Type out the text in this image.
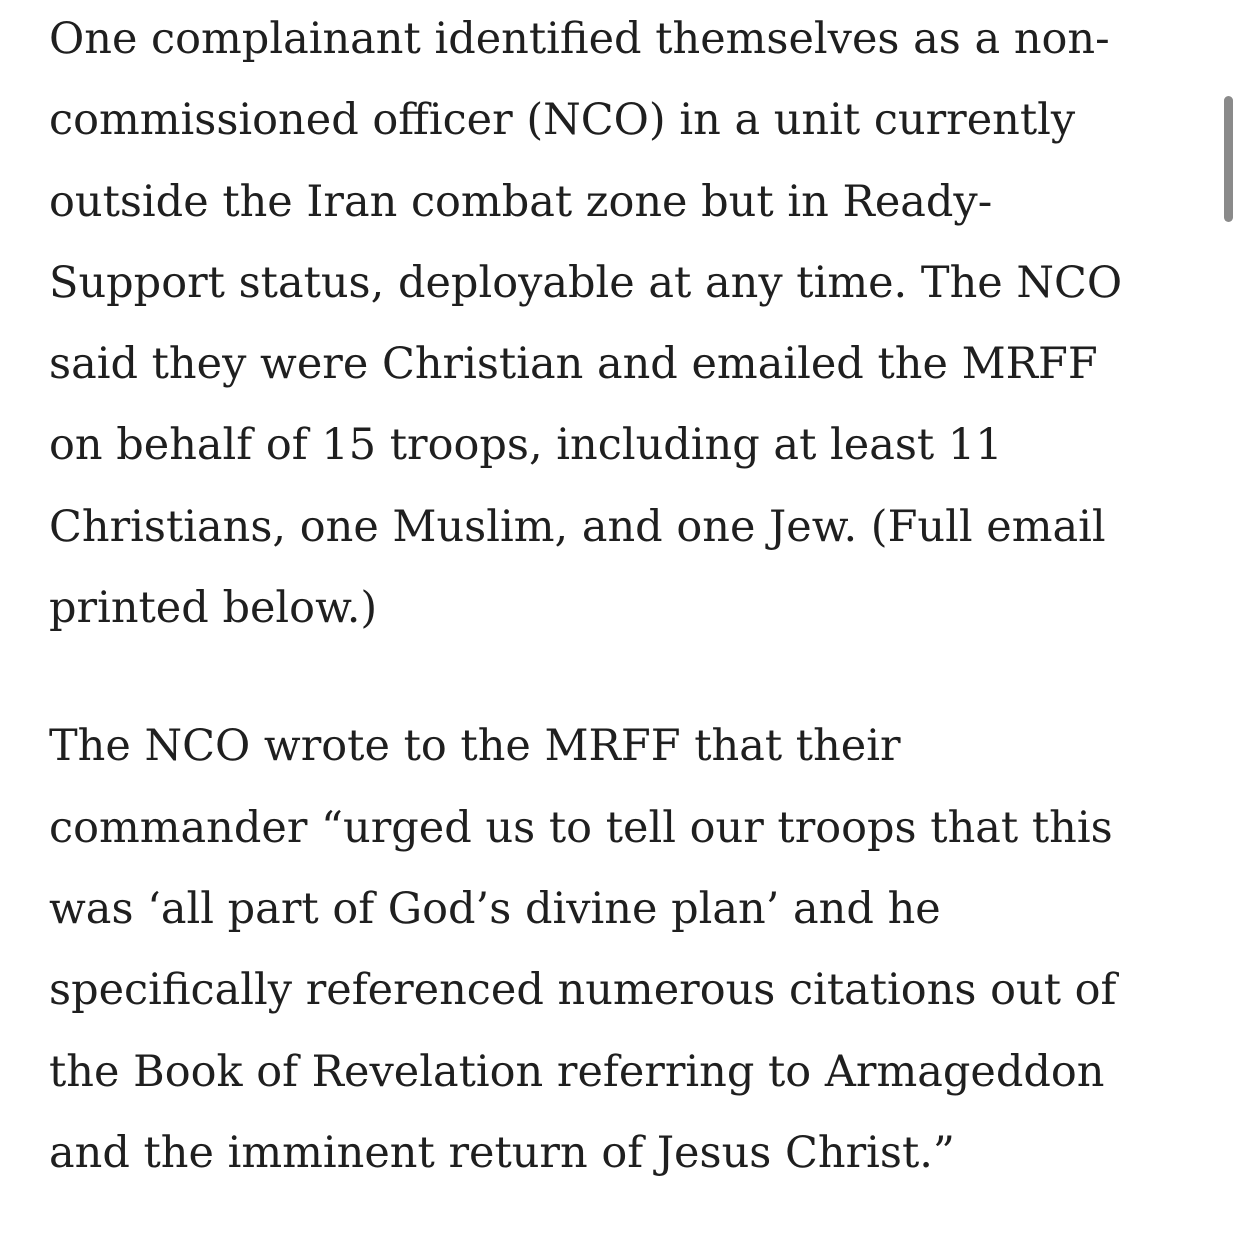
One complainant identified themselves as a non-
commissioned officer (NCO) in a unit currently
outside the Iran combat zone but in Ready-
Support status, deployable at any time. The NCO
said they were Christian and emailed the MRFF
on behalf of 15 troops, including at least 11
Christians, one Muslim, and one Jew. (Full email
printed below.)

The NCO wrote to the MRFF that their
commander “urged us to tell our troops that this
was ‘all part of God’s divine plan’ and he
specifically referenced numerous citations out of
the Book of Revelation referring to Armageddon
and the imminent return of Jesus Christ.”
